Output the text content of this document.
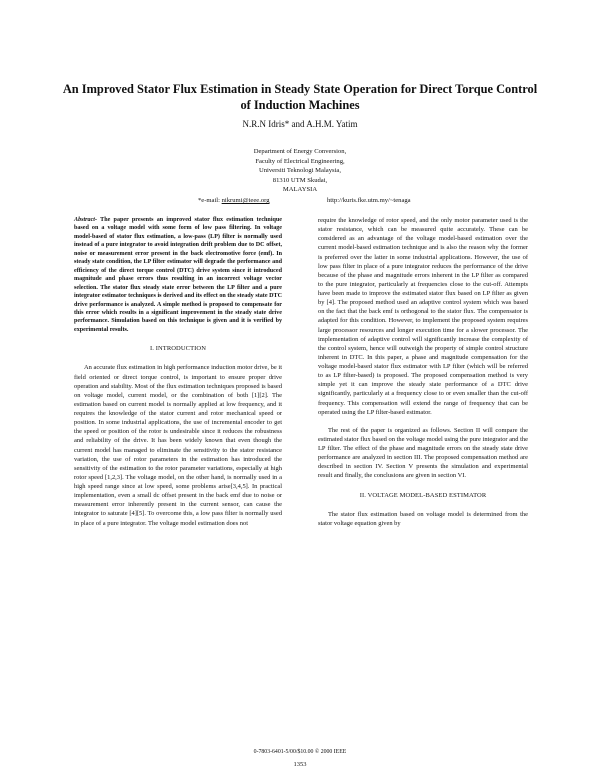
An Improved Stator Flux Estimation in Steady State Operation for Direct Torque Control of Induction Machines
N.R.N Idris* and A.H.M. Yatim
Department of Energy Conversion,
Faculty of Electrical Engineering,
Universiti Teknologi Malaysia,
81310 UTM Skudai,
MALAYSIA
*e-mail: nikrumi@ieee.org	http://kuris.fke.utm.my/~tenaga

Abstract- The paper presents an improved stator flux estimation technique based on a voltage model with some form of low pass filtering. In voltage model-based of stator flux estimation, a low-pass (LP) filter is normally used instead of a pure integrator to avoid integration drift problem due to DC offset, noise or measurement error present in the back electromotive force (emf). In steady state condition, the LP filter estimator will degrade the performance and efficiency of the direct torque control (DTC) drive system since it introduced magnitude and phase errors thus resulting in an incorrect voltage vector selection. The stator flux steady state error between the LP filter and a pure integrator estimator techniques is derived and its effect on the steady state DTC drive performance is analyzed. A simple method is proposed to compensate for this error which results in a significant improvement in the steady state drive performance. Simulation based on this technique is given and it is verified by experimental results.

I. INTRODUCTION

An accurate flux estimation in high performance induction motor drive, be it field oriented or direct torque control, is important to ensure proper drive operation and stability. Most of the flux estimation techniques proposed is based on voltage model, current model, or the combination of both [1][2]. The estimation based on current model is normally applied at low frequency, and it requires the knowledge of the stator current and rotor mechanical speed or position. In some industrial applications, the use of incremental encoder to get the speed or position of the rotor is undesirable since it reduces the robustness and reliability of the drive. It has been widely known that even though the current model has managed to eliminate the sensitivity to the stator resistance variation, the use of rotor parameters in the estimation has introduced the sensitivity of the estimation to the rotor parameter variations, especially at high rotor speed [1,2,3]. The voltage model, on the other hand, is normally used in a high speed range since at low speed, some problems arise[3,4,5]. In practical implementation, even a small dc offset present in the back emf due to noise or measurement error inherently present in the current sensor, can cause the integrator to saturate [4][5]. To overcome this, a low pass filter is normally used in place of a pure integrator. The voltage model estimation does not

require the knowledge of rotor speed, and the only motor parameter used is the stator resistance, which can be measured quite accurately. These can be considered as an advantage of the voltage model-based estimation over the current model-based estimation technique and is also the reason why the former is preferred over the latter in some industrial applications. However, the use of low pass filter in place of a pure integrator reduces the performance of the drive because of the phase and magnitude errors inherent in the LP filter as compared to the pure integrator, particularly at frequencies close to the cut-off. Attempts have been made to improve the estimated stator flux based on LP filter as given by [4]. The proposed method used an adaptive control system which was based on the fact that the back emf is orthogonal to the stator flux. The compensator is adapted for this condition. However, to implement the proposed system requires large processor resources and longer execution time for a slower processor. The implementation of adaptive control will significantly increase the complexity of the control system, hence will outweigh the property of simple control structure inherent in DTC. In this paper, a phase and magnitude compensation for the voltage model-based stator flux estimator with LP filter (which will be referred to as LP filter-based) is proposed. The proposed compensation method is very simple yet it can improve the steady state performance of a DTC drive significantly, particularly at a frequency close to or even smaller than the cut-off frequency. This compensation will extend the range of frequency that can be operated using the LP filter-based estimator.

The rest of the paper is organized as follows. Section II will compare the estimated stator flux based on the voltage model using the pure integrator and the LP filter. The effect of the phase and magnitude errors on the steady state drive performance are analyzed in section III. The proposed compensation method are described in section IV. Section V presents the simulation and experimental result and finally, the conclusions are given in section VI.

II. VOLTAGE MODEL-BASED ESTIMATOR

The stator flux estimation based on voltage model is determined from the stator voltage equation given by

0-7803-6401-5/00/$10.00 © 2000 IEEE
1353
